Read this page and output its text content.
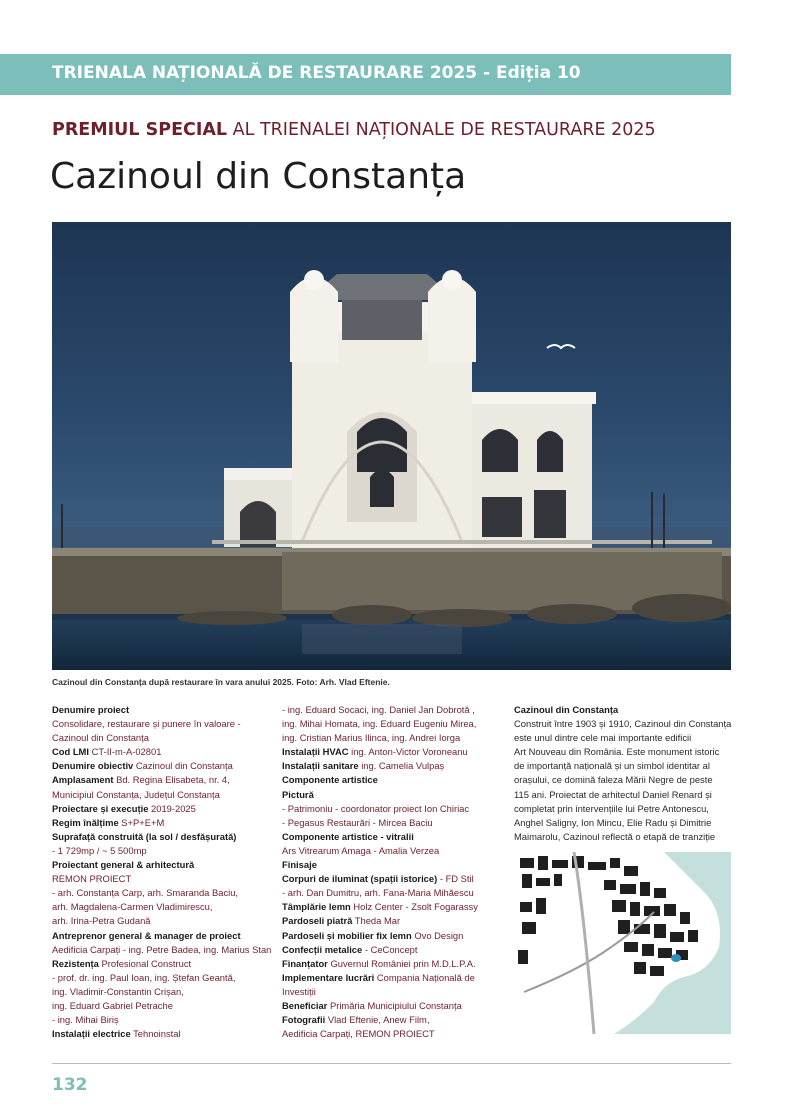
TRIENALA NAȚIONALĂ DE RESTAURARE 2025 - Ediția 10
PREMIUL SPECIAL AL TRIENALEI NAȚIONALE DE RESTAURARE 2025
Cazinoul din Constanța
Cazinoul din Constanța după restaurare în vara anului 2025. Foto: Arh. Vlad Eftenie.
Denumire proiect
Consolidare, restaurare și punere în valoare -
Cazinoul din Constanța
Cod LMI CT-II-m-A-02801
Denumire obiectiv Cazinoul din Constanța
Amplasament Bd. Regina Elisabeta, nr. 4,
Municipiul Constanța, Județul Constanța
Proiectare și execuție 2019-2025
Regim înălțime S+P+E+M
Suprafață construită (la sol / desfășurată)
- 1 729mp / ~ 5 500mp
Proiectant general & arhitectură
REMON PROIECT
- arh. Constanța Carp, arh. Smaranda Baciu,
arh. Magdalena-Carmen Vladimirescu,
arh. Irina-Petra Gudană
Antreprenor general & manager de proiect
Aedificia Carpați - ing. Petre Badea, ing. Marius Stan
Rezistența Profesional Construct
- prof. dr. ing. Paul Ioan, ing. Ștefan Geantă,
ing. Vladimir-Constantin Crișan,
ing. Eduard Gabriel Petrache
- ing. Mihai Biriș
Instalații electrice Tehnoinstal
- ing. Eduard Socaci, ing. Daniel Jan Dobrotă ,
ing. Mihai Homata, ing. Eduard Eugeniu Mirea,
ing. Cristian Marius Ilinca, ing. Andrei Iorga
Instalații HVAC ing. Anton-Victor Voroneanu
Instalații sanitare ing. Camelia Vulpaș
Componente artistice
Pictură
- Patrimoniu - coordonator proiect Ion Chiriac
- Pegasus Restaurări - Mircea Baciu
Componente artistice - vitralii
Ars Vitrearum Amaga - Amalia Verzea
Finisaje
Corpuri de iluminat (spații istorice) - FD Stil
- arh. Dan Dumitru, arh. Fana-Maria Mihăescu
Tâmplărie lemn Holz Center - Zsolt Fogarassy
Pardoseli piatră Theda Mar
Pardoseli și mobilier fix lemn Ovo Design
Confecții metalice - CeConcept
Finanțator Guvernul României prin M.D.L.P.A.
Implementare lucrări Compania Națională de
Investiții
Beneficiar Primăria Municipiului Constanța
Fotografii Vlad Eftenie, Anew Film,
Aedificia Carpați, REMON PROIECT
Cazinoul din Constanța
Construit între 1903 și 1910, Cazinoul din Constanța
este unul dintre cele mai importante edificii
Art Nouveau din România. Este monument istoric
de importanță națională și un simbol identitar al
orașului, ce domină faleza Mării Negre de peste
115 ani. Proiectat de arhitectul Daniel Renard și
completat prin intervențiile lui Petre Antonescu,
Anghel Saligny, Ion Mincu, Elie Radu și Dimitrie
Maimarolu, Cazinoul reflectă o etapă de tranziție
132
